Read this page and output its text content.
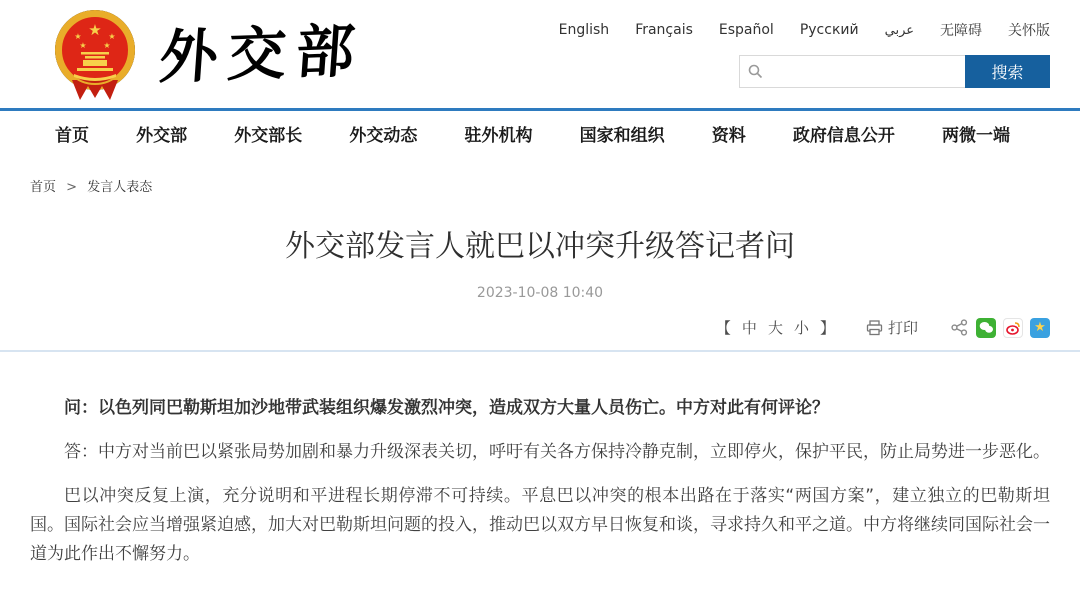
★
★	★
★ ★ 外交部	English Français Español Русский عربي 无障碍 关怀版
搜索
首页	外交部	外交部长	外交动态	驻外机构	国家和组织	资料	政府信息公开	两微一端
首页 > 发言人表态
外交部发言人就巴以冲突升级答记者问
2023-10-08 10:40
【 中 大 小 】	打印	★

问：以色列同巴勒斯坦加沙地带武装组织爆发激烈冲突，造成双方大量人员伤亡。中方对此有何评论？

答：中方对当前巴以紧张局势加剧和暴力升级深表关切，呼吁有关各方保持冷静克制，立即停火，保护平民，防止局势进一步恶化。

巴以冲突反复上演，充分说明和平进程长期停滞不可持续。平息巴以冲突的根本出路在于落实“两国方案”，建立独立的巴勒斯坦国。国际社会应当增强紧迫感，加大对巴勒斯坦问题的投入，推动巴以双方早日恢复和谈，寻求持久和平之道。中方将继续同国际社会一道为此作出不懈努力。
